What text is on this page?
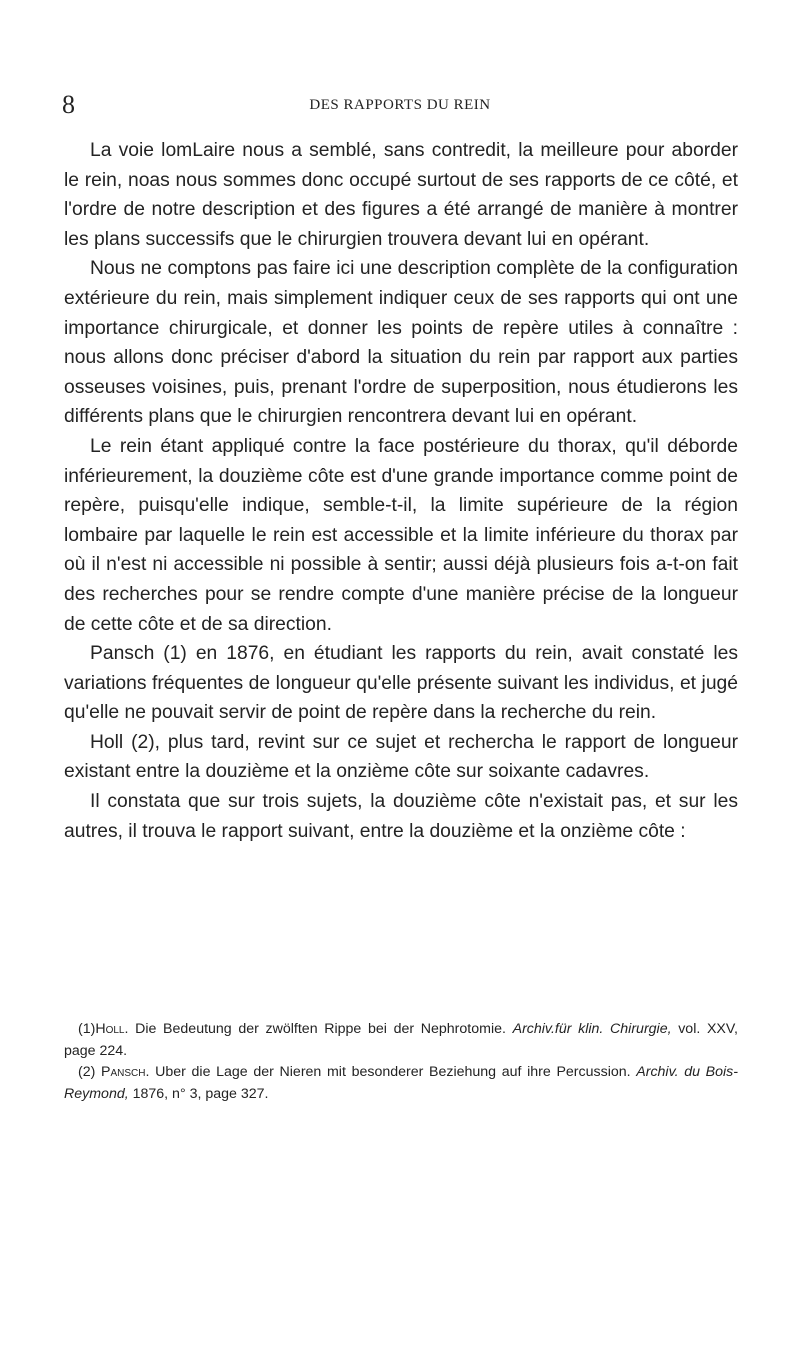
8	DES RAPPORTS DU REIN

La voie lomLaire nous a semblé, sans contredit, la meilleure pour aborder le rein, noas nous sommes donc occupé surtout de ses rapports de ce côté, et l'ordre de notre description et des figures a été arrangé de manière à montrer les plans successifs que le chirurgien trouvera devant lui en opérant.

Nous ne comptons pas faire ici une description complète de la configuration extérieure du rein, mais simplement indiquer ceux de ses rapports qui ont une importance chirurgicale, et donner les points de repère utiles à connaître : nous allons donc préciser d'abord la situation du rein par rapport aux parties osseuses voisines, puis, prenant l'ordre de superposition, nous étudierons les différents plans que le chirurgien rencontrera devant lui en opérant.

Le rein étant appliqué contre la face postérieure du thorax, qu'il déborde inférieurement, la douzième côte est d'une grande importance comme point de repère, puisqu'elle indique, semble-t-il, la limite supérieure de la région lombaire par laquelle le rein est accessible et la limite inférieure du thorax par où il n'est ni accessible ni possible à sentir; aussi déjà plusieurs fois a-t-on fait des recherches pour se rendre compte d'une manière précise de la longueur de cette côte et de sa direction.

Pansch (1) en 1876, en étudiant les rapports du rein, avait constaté les variations fréquentes de longueur qu'elle présente suivant les individus, et jugé qu'elle ne pouvait servir de point de repère dans la recherche du rein.

Holl (2), plus tard, revint sur ce sujet et rechercha le rapport de longueur existant entre la douzième et la onzième côte sur soixante cadavres.

Il constata que sur trois sujets, la douzième côte n'existait pas, et sur les autres, il trouva le rapport suivant, entre la douzième et la onzième côte :

(1)Holl. Die Bedeutung der zwölften Rippe bei der Nephrotomie. Archiv.für klin. Chirurgie, vol. XXV, page 224.

(2) Pansch. Uber die Lage der Nieren mit besonderer Beziehung auf ihre Percussion. Archiv. du Bois-Reymond, 1876, n° 3, page 327.
